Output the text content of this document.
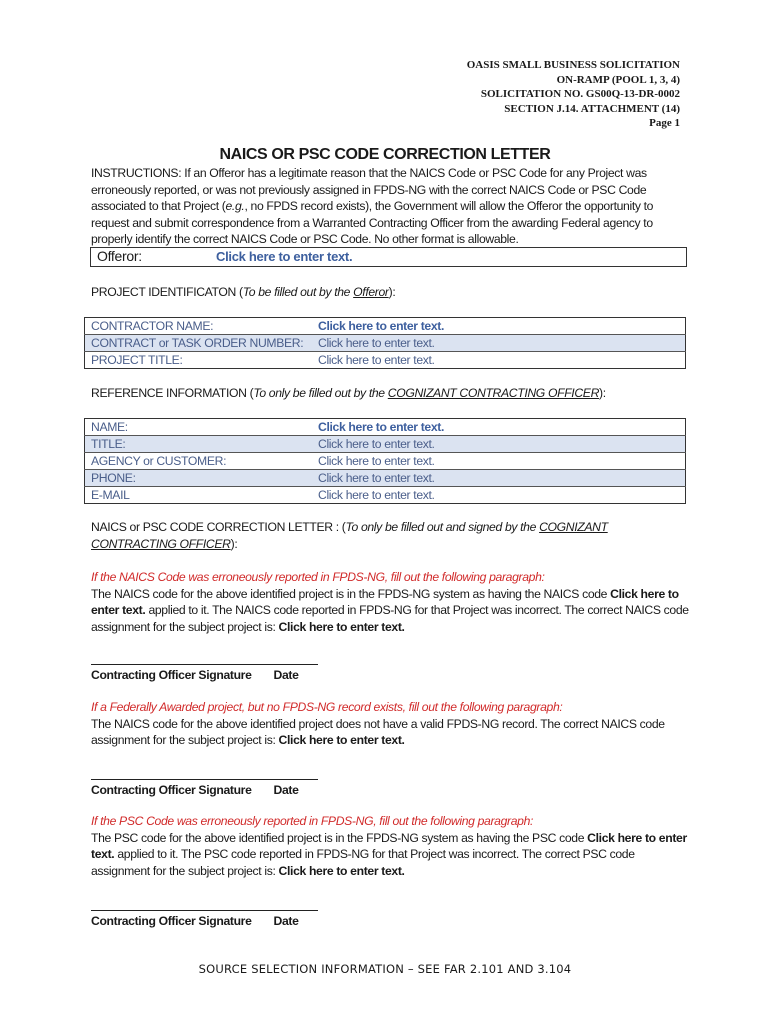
OASIS SMALL BUSINESS SOLICITATION
ON-RAMP (POOL 1, 3, 4)
SOLICITATION NO. GS00Q-13-DR-0002
SECTION J.14. ATTACHMENT (14)
Page 1
NAICS OR PSC CODE CORRECTION LETTER
INSTRUCTIONS: If an Offeror has a legitimate reason that the NAICS Code or PSC Code for any Project was erroneously reported, or was not previously assigned in FPDS-NG with the correct NAICS Code or PSC Code associated to that Project (e.g., no FPDS record exists), the Government will allow the Offeror the opportunity to request and submit correspondence from a Warranted Contracting Officer from the awarding Federal agency to properly identify the correct NAICS Code or PSC Code. No other format is allowable.
Offeror:	Click here to enter text.
PROJECT IDENTIFICATON (To be filled out by the Offeror):
CONTRACTOR NAME:	Click here to enter text.
CONTRACT or TASK ORDER NUMBER:	Click here to enter text.
PROJECT TITLE:	Click here to enter text.
REFERENCE INFORMATION (To only be filled out by the COGNIZANT CONTRACTING OFFICER):
NAME:	Click here to enter text.
TITLE:	Click here to enter text.
AGENCY or CUSTOMER:	Click here to enter text.
PHONE:	Click here to enter text.
E-MAIL	Click here to enter text.
NAICS or PSC CODE CORRECTION LETTER : (To only be filled out and signed by the COGNIZANT
CONTRACTING OFFICER):
If the NAICS Code was erroneously reported in FPDS-NG, fill out the following paragraph:
The NAICS code for the above identified project is in the FPDS-NG system as having the NAICS code Click here to enter text. applied to it. The NAICS code reported in FPDS-NG for that Project was incorrect. The correct NAICS code assignment for the subject project is: Click here to enter text.
Contracting Officer Signature Date
If a Federally Awarded project, but no FPDS-NG record exists, fill out the following paragraph:
The NAICS code for the above identified project does not have a valid FPDS-NG record. The correct NAICS code assignment for the subject project is: Click here to enter text.
Contracting Officer Signature Date
If the PSC Code was erroneously reported in FPDS-NG, fill out the following paragraph:
The PSC code for the above identified project is in the FPDS-NG system as having the PSC code Click here to enter text. applied to it. The PSC code reported in FPDS-NG for that Project was incorrect. The correct PSC code assignment for the subject project is: Click here to enter text.
Contracting Officer Signature Date
SOURCE SELECTION INFORMATION – SEE FAR 2.101 AND 3.104
